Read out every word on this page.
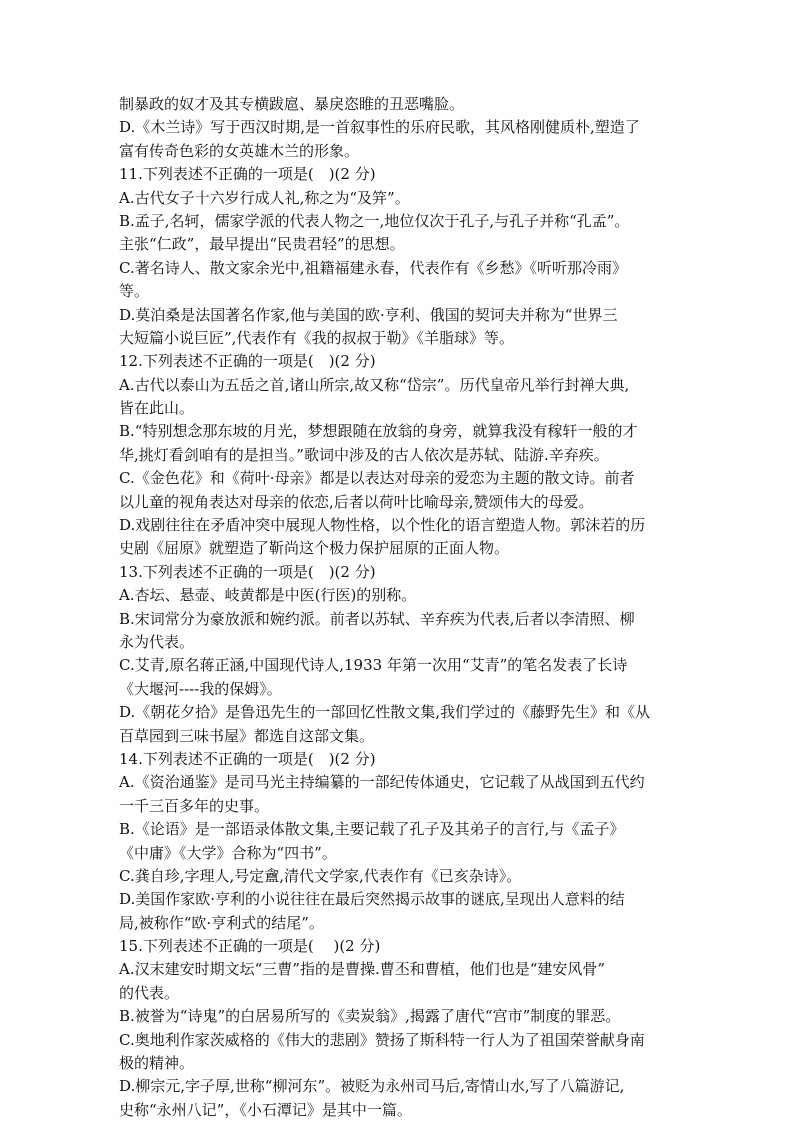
制暴政的奴才及其专横跋扈、暴戾恣睢的丑恶嘴脸。
D.《木兰诗》写于西汉时期,是一首叙事性的乐府民歌，其风格刚健质朴,塑造了
富有传奇色彩的女英雄木兰的形象。
11.下列表述不正确的一项是(　)(2 分)
A.古代女子十六岁行成人礼,称之为“及笄”。
B.孟子,名轲，儒家学派的代表人物之一,地位仅次于孔子,与孔子并称“孔孟”。
主张“仁政”，最早提出“民贵君轻”的思想。
C.著名诗人、散文家余光中,祖籍福建永春，代表作有《乡愁》《听听那冷雨》
等。
D.莫泊桑是法国著名作家,他与美国的欧·亨利、俄国的契诃夫并称为“世界三
大短篇小说巨匠”,代表作有《我的叔叔于勒》《羊脂球》等。
12.下列表述不正确的一项是(　)(2 分)
A.古代以泰山为五岳之首,诸山所宗,故又称“岱宗”。历代皇帝凡举行封禅大典,
皆在此山。
B.“特别想念那东坡的月光，梦想跟随在放翁的身旁，就算我没有稼轩一般的才
华,挑灯看剑咱有的是担当。”歌词中涉及的古人依次是苏轼、陆游.辛弃疾。
C.《金色花》和《荷叶·母亲》都是以表达对母亲的爱恋为主题的散文诗。前者
以儿童的视角表达对母亲的依恋,后者以荷叶比喻母亲,赞颂伟大的母爱。
D.戏剧往往在矛盾冲突中展现人物性格，以个性化的语言塑造人物。郭沫若的历
史剧《屈原》就塑造了靳尚这个极力保护屈原的正面人物。
13.下列表述不正确的一项是(　)(2 分)
A.杏坛、悬壶、岐黄都是中医(行医)的别称。
B.宋词常分为豪放派和婉约派。前者以苏轼、辛弃疾为代表,后者以李清照、柳
永为代表。
C.艾青,原名蒋正涵,中国现代诗人,1933 年第一次用“艾青”的笔名发表了长诗
《大堰河----我的保姆》。
D.《朝花夕拾》是鲁迅先生的一部回忆性散文集,我们学过的《藤野先生》和《从
百草园到三味书屋》都选自这部文集。
14.下列表述不正确的一项是(　)(2 分)
A.《资治通鉴》是司马光主持编纂的一部纪传体通史，它记载了从战国到五代约
一千三百多年的史事。
B.《论语》是一部语录体散文集,主要记载了孔子及其弟子的言行,与《孟子》
《中庸》《大学》合称为“四书”。
C.龚自珍,字理人,号定盦,清代文学家,代表作有《已亥杂诗》。
D.美国作家欧·亨利的小说往往在最后突然揭示故事的谜底,呈现出人意料的结
局,被称作“欧·亨利式的结尾”。
15.下列表述不正确的一项是(　 )(2 分)
A.汉末建安时期文坛“三曹”指的是曹操.曹丕和曹植，他们也是“建安风骨”
的代表。
B.被誉为“诗鬼”的白居易所写的《卖炭翁》,揭露了唐代“宫市”制度的罪恶。
C.奥地利作家茨威格的《伟大的悲剧》赞扬了斯科特一行人为了祖国荣誉献身南
极的精神。
D.柳宗元,字子厚,世称“柳河东”。被贬为永州司马后,寄情山水,写了八篇游记,
史称“永州八记”，《小石潭记》是其中一篇。
